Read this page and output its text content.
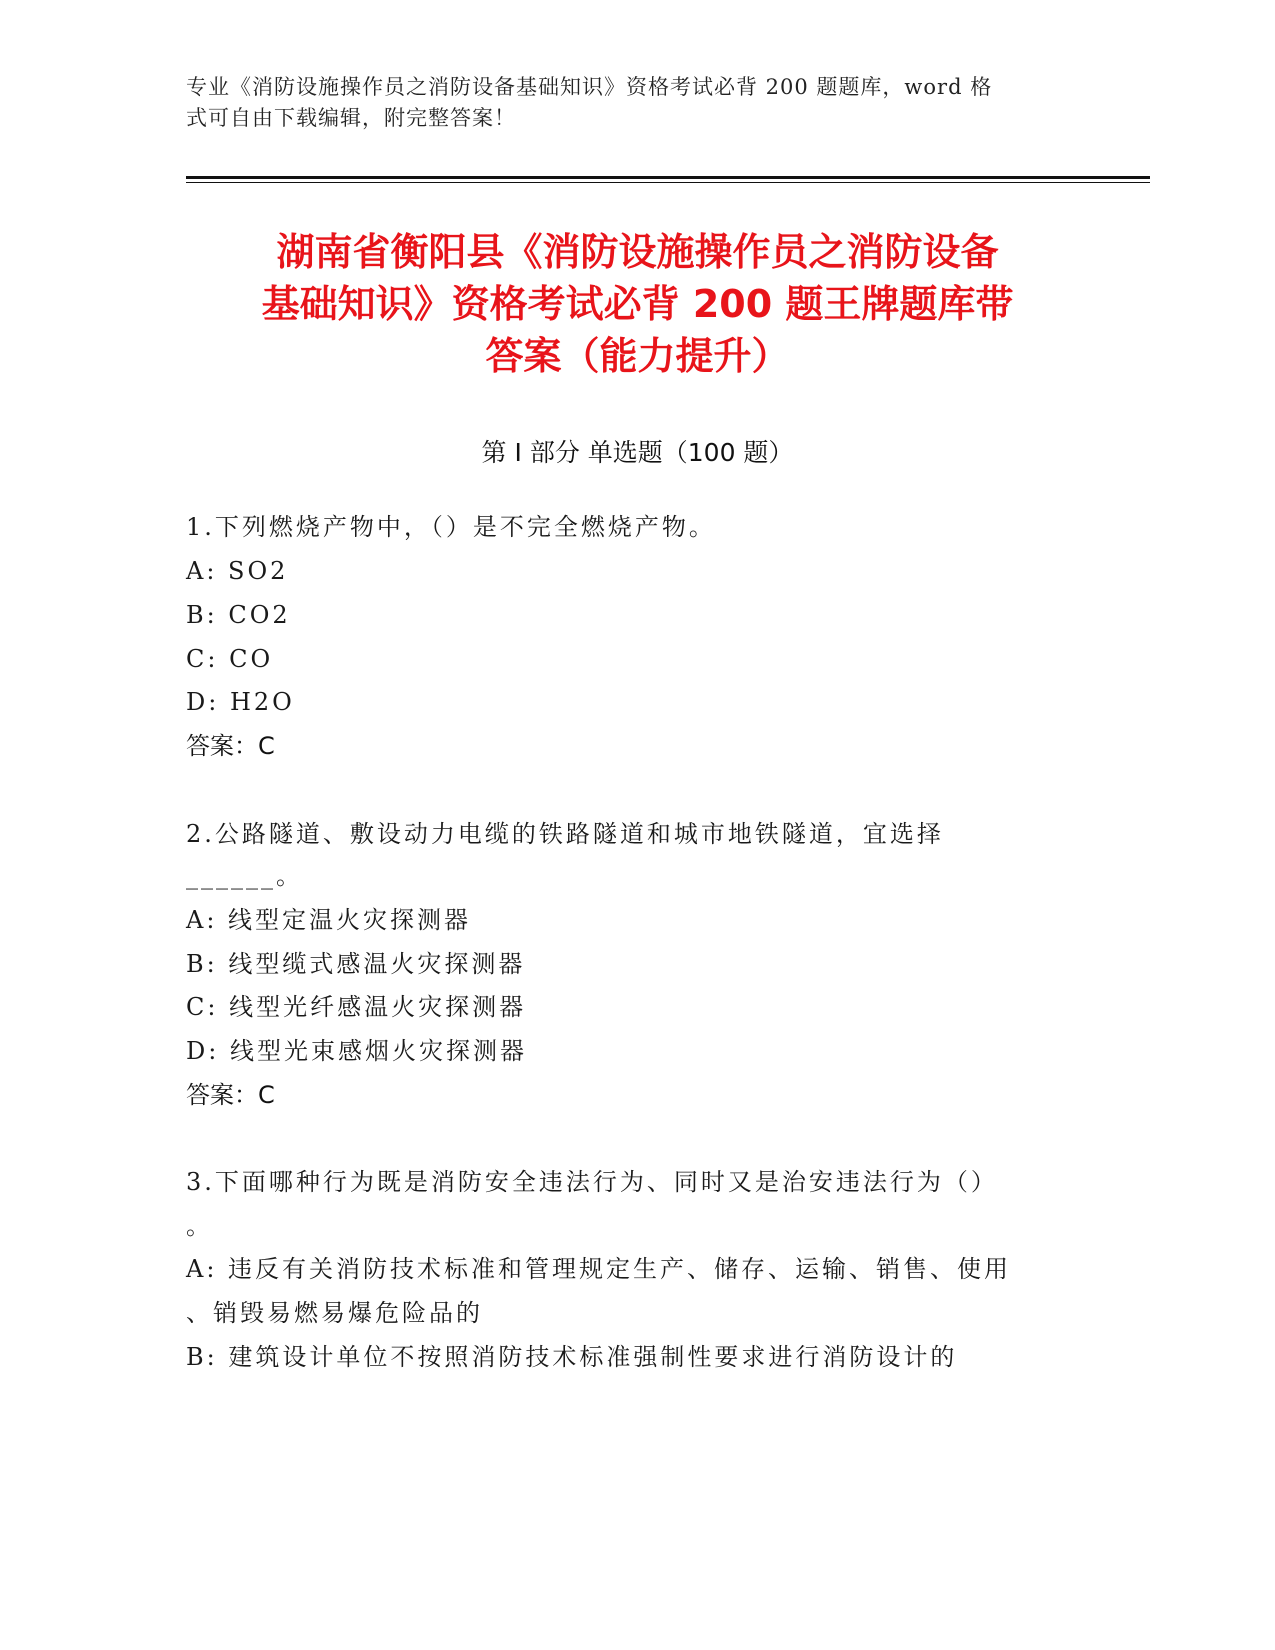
专业《消防设施操作员之消防设备基础知识》资格考试必背 200 题题库，word 格
式可自由下载编辑，附完整答案！
湖南省衡阳县《消防设施操作员之消防设备
基础知识》资格考试必背 200 题王牌题库带
答案（能力提升）
第 I 部分 单选题（100 题）
1.下列燃烧产物中，（）是不完全燃烧产物。
A: SO2
B: CO2
C: CO
D: H2O
答案：C
2.公路隧道、敷设动力电缆的铁路隧道和城市地铁隧道，宜选择
______。
A: 线型定温火灾探测器
B: 线型缆式感温火灾探测器
C: 线型光纤感温火灾探测器
D: 线型光束感烟火灾探测器
答案：C
3.下面哪种行为既是消防安全违法行为、同时又是治安违法行为（）
。
A: 违反有关消防技术标准和管理规定生产、储存、运输、销售、使用
、销毁易燃易爆危险品的
B: 建筑设计单位不按照消防技术标准强制性要求进行消防设计的
